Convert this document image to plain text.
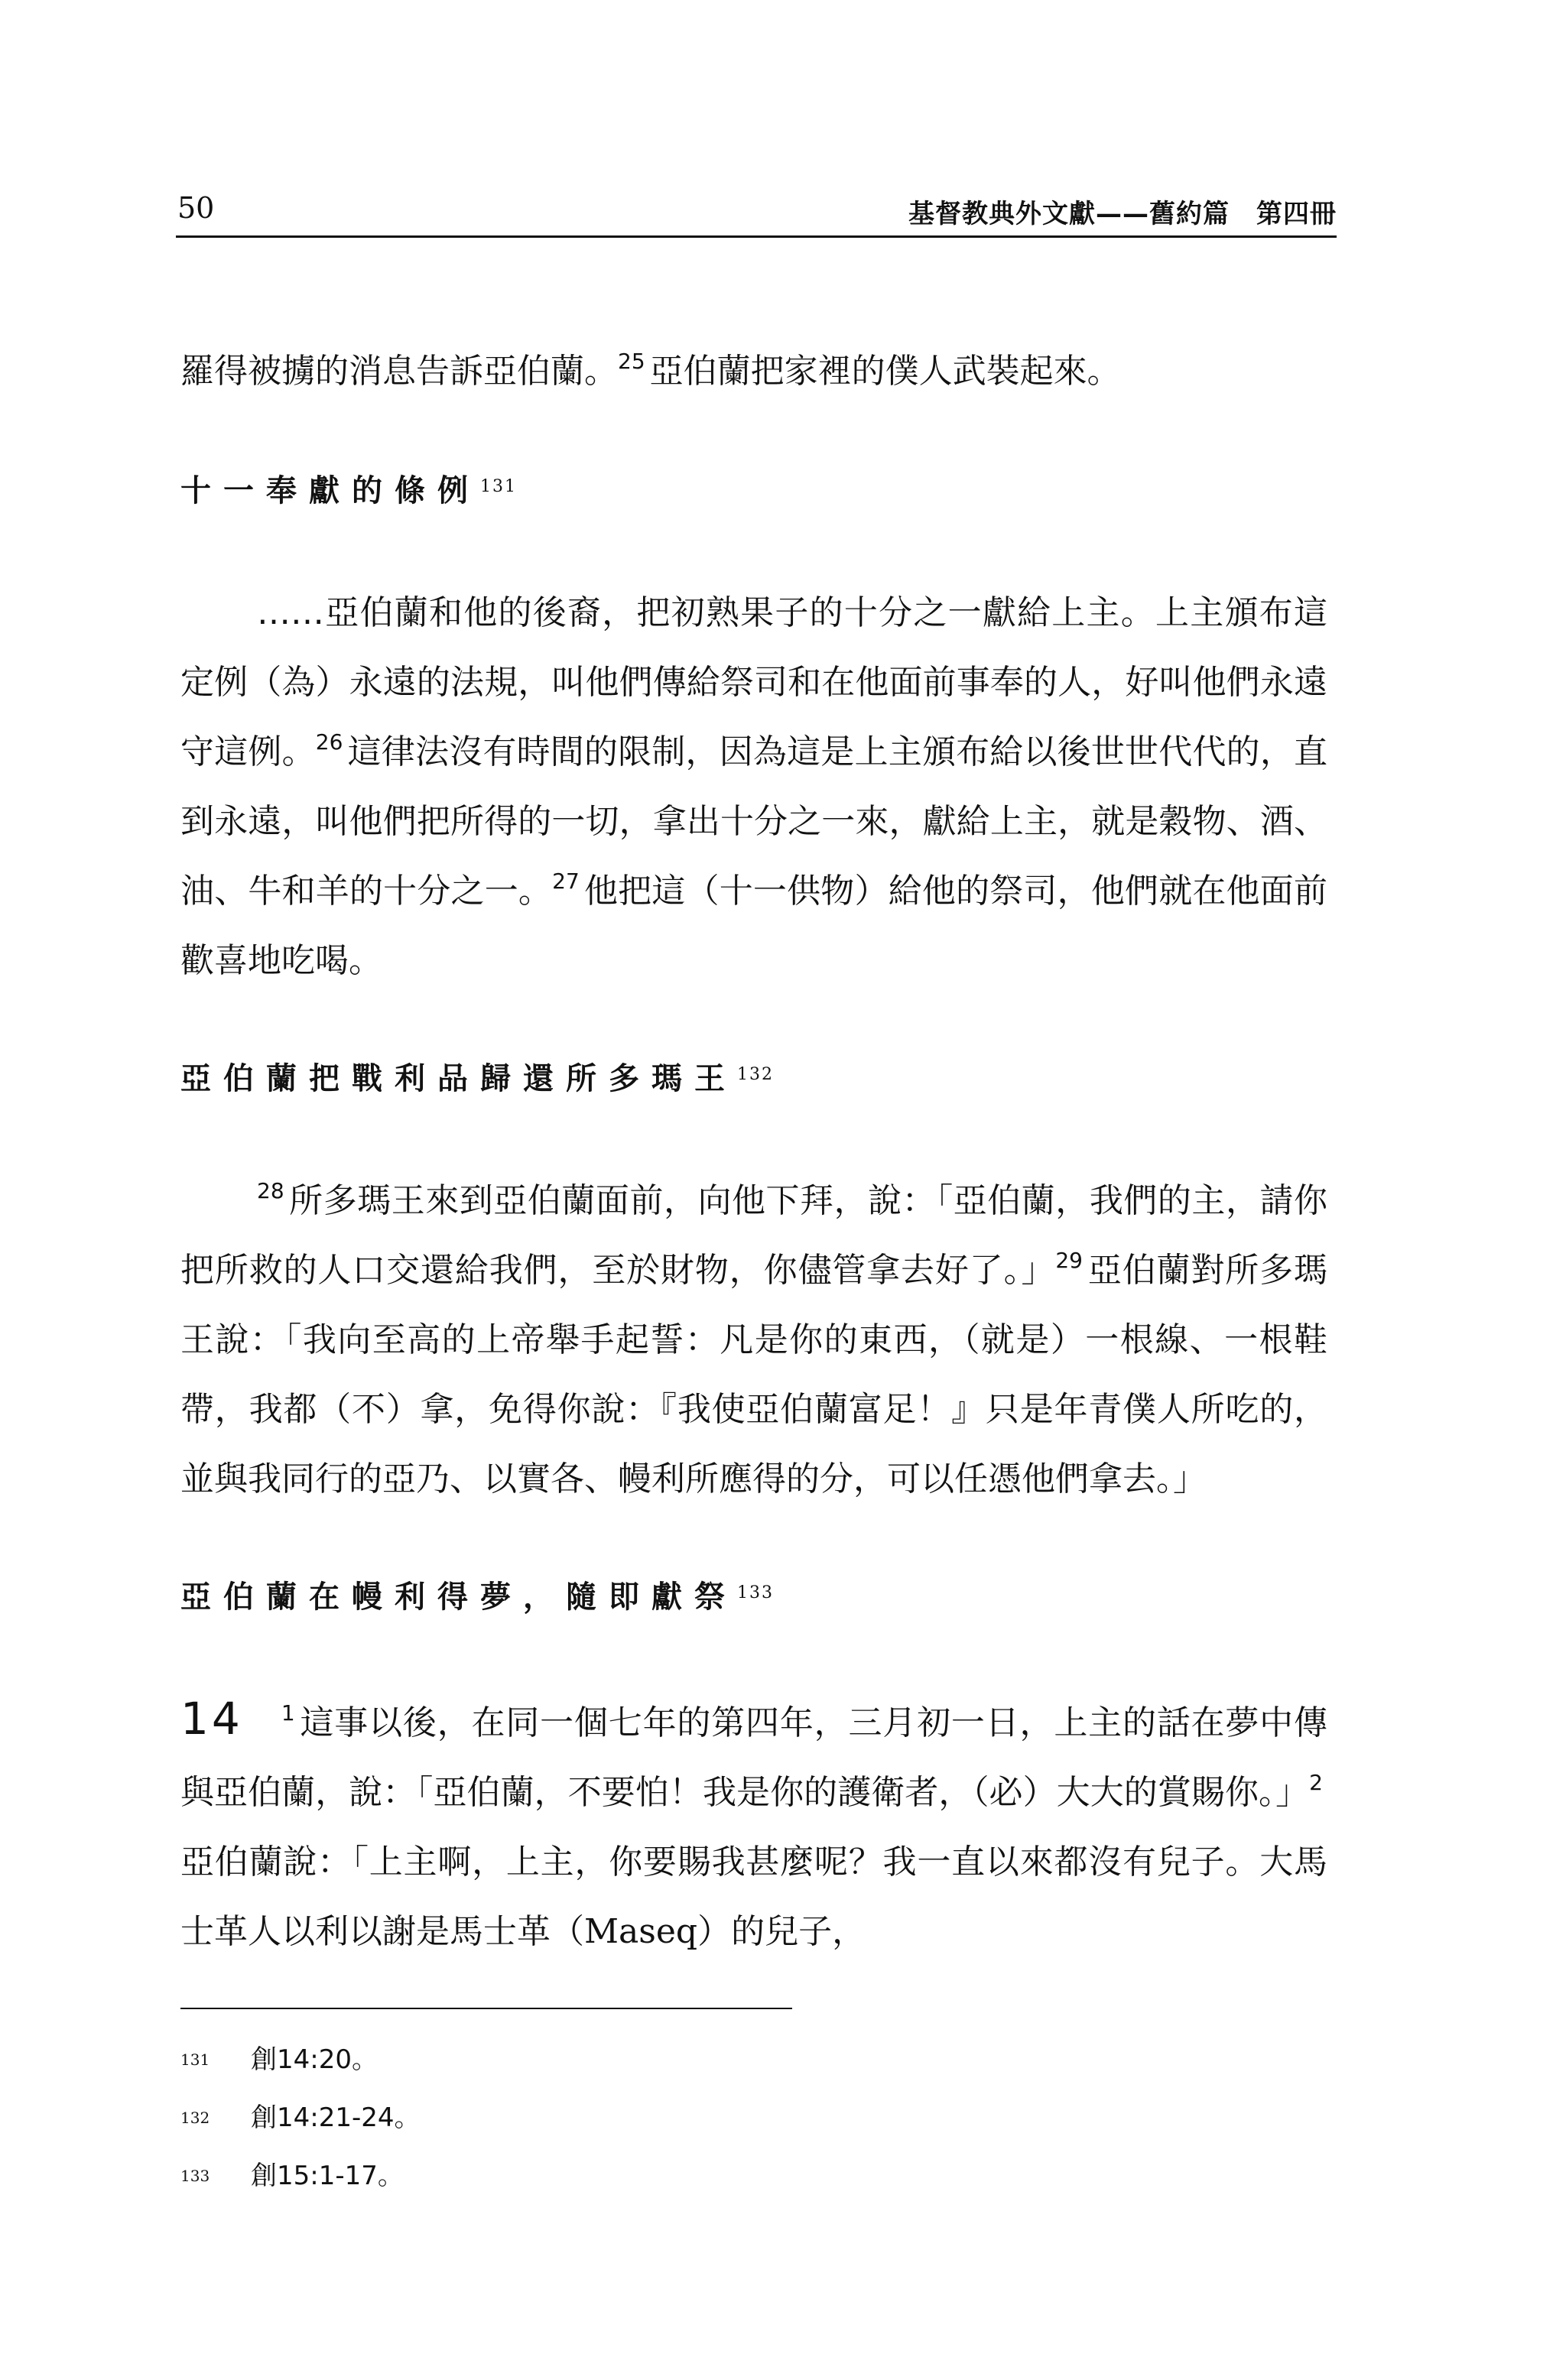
50	基督教典外文獻——舊約篇　第四冊

羅得被擄的消息告訴亞伯蘭。$^{25}$ 亞伯蘭把家裡的僕人武裝起來。

十一奉獻的條例$^{131}$

……亞伯蘭和他的後裔，把初熟果子的十分之一獻給上主。上主頒布這定例（為）永遠的法規，叫他們傳給祭司和在他面前事奉的人，好叫他們永遠守這例。$^{26}$ 這律法沒有時間的限制，因為這是上主頒布給以後世世代代的，直到永遠，叫他們把所得的一切，拿出十分之一來，獻給上主，就是穀物、酒、油、牛和羊的十分之一。$^{27}$ 他把這（十一供物）給他的祭司，他們就在他面前歡喜地吃喝。

亞伯蘭把戰利品歸還所多瑪王$^{132}$

$^{28}$ 所多瑪王來到亞伯蘭面前，向他下拜，說：「亞伯蘭，我們的主，請你把所救的人口交還給我們，至於財物，你儘管拿去好了。」$^{29}$ 亞伯蘭對所多瑪王說：「我向至高的上帝舉手起誓：凡是你的東西，（就是）一根線、一根鞋帶，我都（不）拿，免得你說：『我使亞伯蘭富足！』只是年青僕人所吃的，並與我同行的亞乃、以實各、幔利所應得的分，可以任憑他們拿去。」

亞伯蘭在幔利得夢，隨即獻祭$^{133}$

14 $^1$ 這事以後，在同一個七年的第四年，三月初一日，上主的話在夢中傳與亞伯蘭，說：「亞伯蘭，不要怕！我是你的護衛者，（必）大大的賞賜你。」$^2$亞伯蘭說：「上主啊，上主，你要賜我甚麼呢？我一直以來都沒有兒子。大馬士革人以利以謝是馬士革（Maseq）的兒子，

131	創14:20。
132	創14:21-24。
133	創15:1-17。
